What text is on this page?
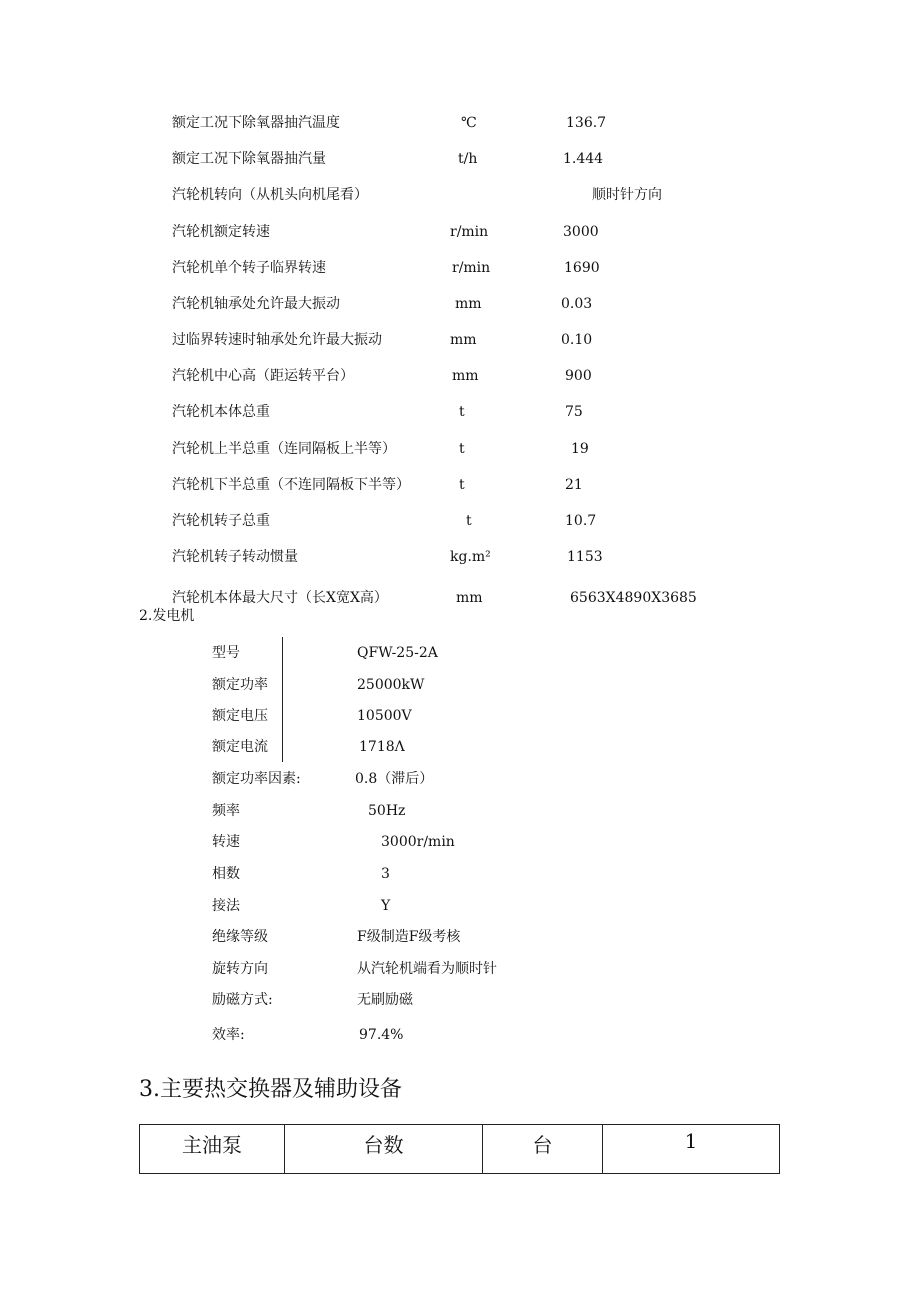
额定工况下除氧器抽汽温度	℃	136.7
额定工况下除氧器抽汽量	t/h	1.444
汽轮机转向（从机头向机尾看）	顺时针方向
汽轮机额定转速	r/min	3000
汽轮机单个转子临界转速	r/min	1690
汽轮机轴承处允许最大振动	mm	0.03
过临界转速时轴承处允许最大振动	mm	0.10
汽轮机中心高（距运转平台）	mm	900
汽轮机本体总重	t	75
汽轮机上半总重（连同隔板上半等）	t	19
汽轮机下半总重（不连同隔板下半等）	t	21
汽轮机转子总重	t	10.7
汽轮机转子转动惯量	kg.m²	1153
汽轮机本体最大尺寸（长X宽X高）	mm	6563X4890X3685
2.发电机
型号	QFW-25-2A
额定功率	25000kW
额定电压	10500V
额定电流	1718Λ
额定功率因素:	0.8（滞后）
频率	50Hz
转速	3000r∕min
相数	3
接法	Y
绝缘等级	F级制造F级考核
旋转方向	从汽轮机端看为顺时针
励磁方式:	无刷励磁
效率:	97.4%
3.主要热交换器及辅助设备
主油泵	台数	台	1
